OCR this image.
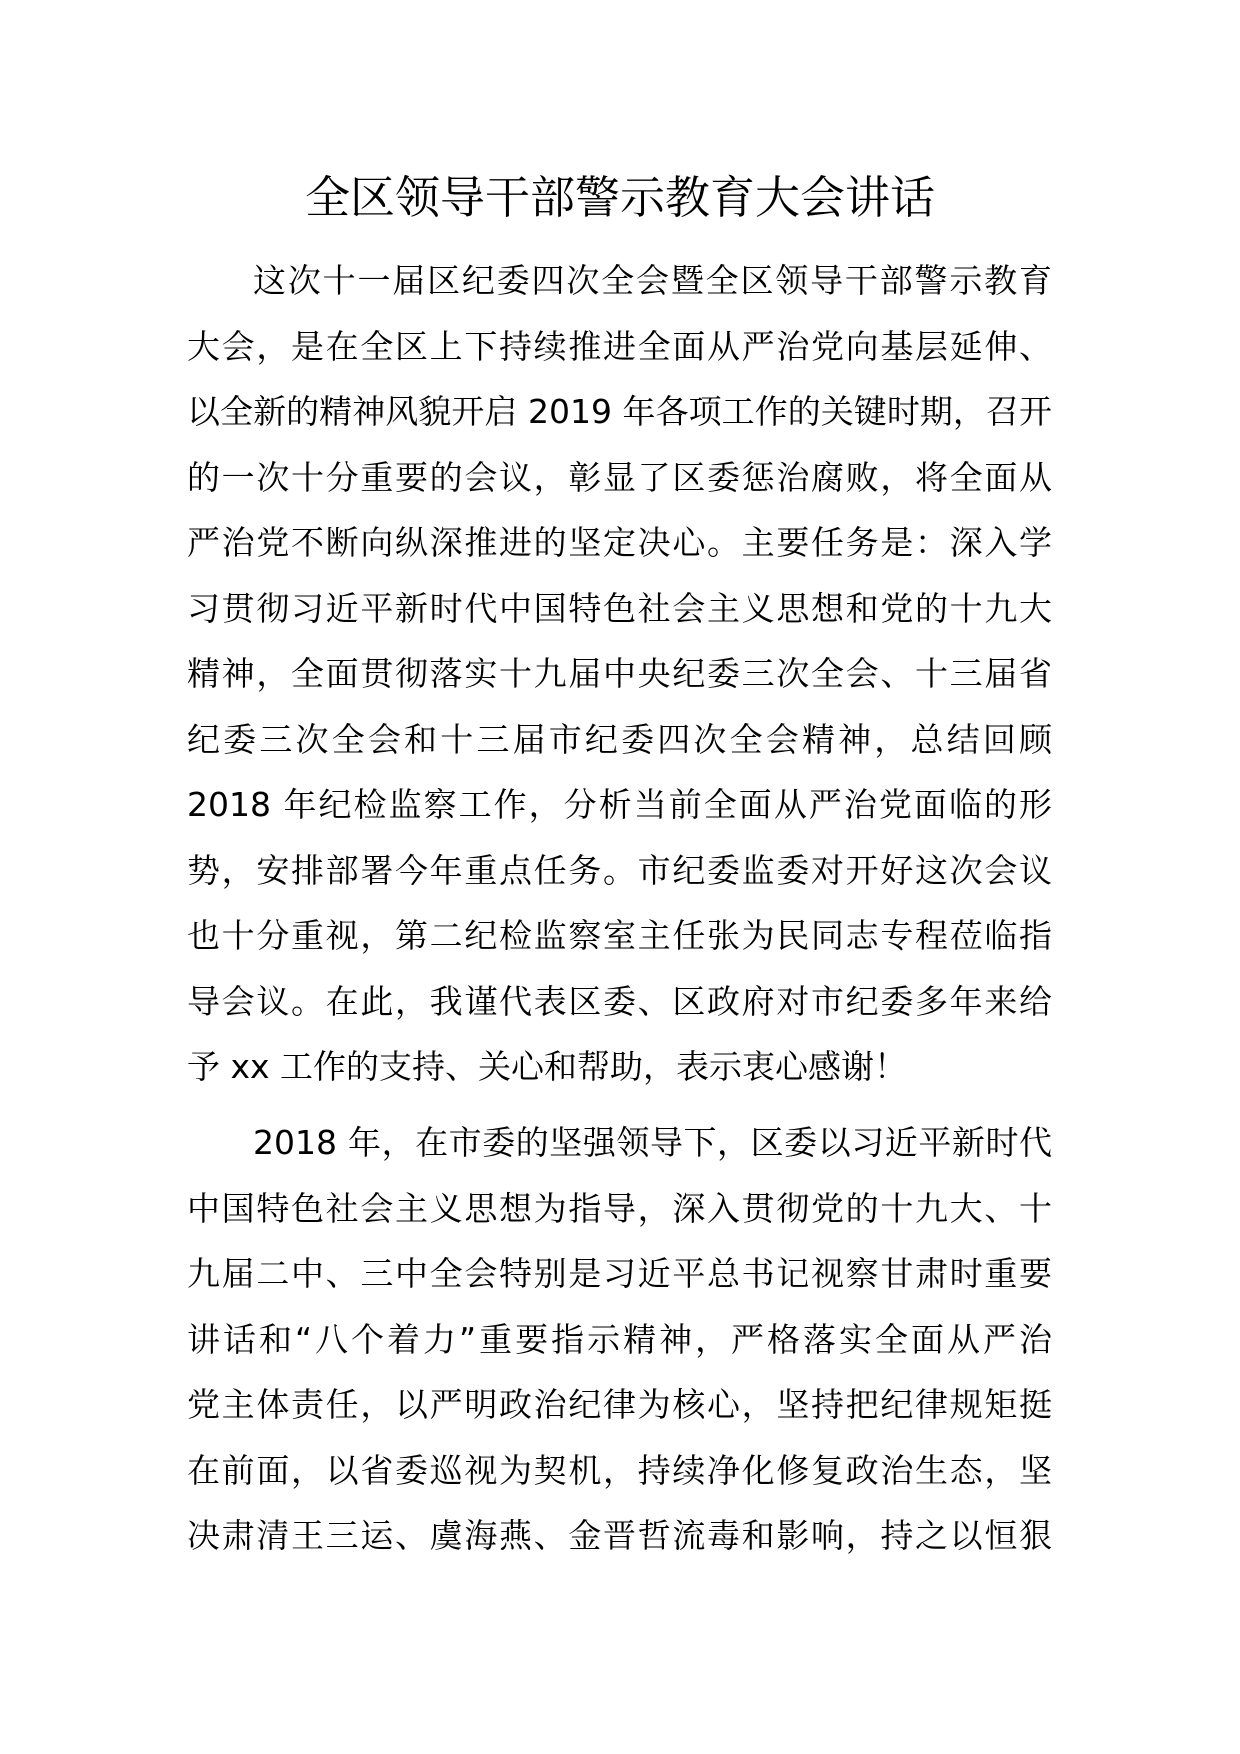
全区领导干部警示教育大会讲话
这次十一届区纪委四次全会暨全区领导干部警示教育
大会，是在全区上下持续推进全面从严治党向基层延伸、
以全新的精神风貌开启 2019 年各项工作的关键时期，召开
的一次十分重要的会议，彰显了区委惩治腐败，将全面从
严治党不断向纵深推进的坚定决心。主要任务是：深入学
习贯彻习近平新时代中国特色社会主义思想和党的十九大
精神，全面贯彻落实十九届中央纪委三次全会、十三届省
纪委三次全会和十三届市纪委四次全会精神，总结回顾
2018 年纪检监察工作，分析当前全面从严治党面临的形
势，安排部署今年重点任务。市纪委监委对开好这次会议
也十分重视，第二纪检监察室主任张为民同志专程莅临指
导会议。在此，我谨代表区委、区政府对市纪委多年来给
予 xx 工作的支持、关心和帮助，表示衷心感谢！
2018 年，在市委的坚强领导下，区委以习近平新时代
中国特色社会主义思想为指导，深入贯彻党的十九大、十
九届二中、三中全会特别是习近平总书记视察甘肃时重要
讲话和“八个着力”重要指示精神，严格落实全面从严治
党主体责任，以严明政治纪律为核心，坚持把纪律规矩挺
在前面，以省委巡视为契机，持续净化修复政治生态，坚
决肃清王三运、虞海燕、金晋哲流毒和影响，持之以恒狠
